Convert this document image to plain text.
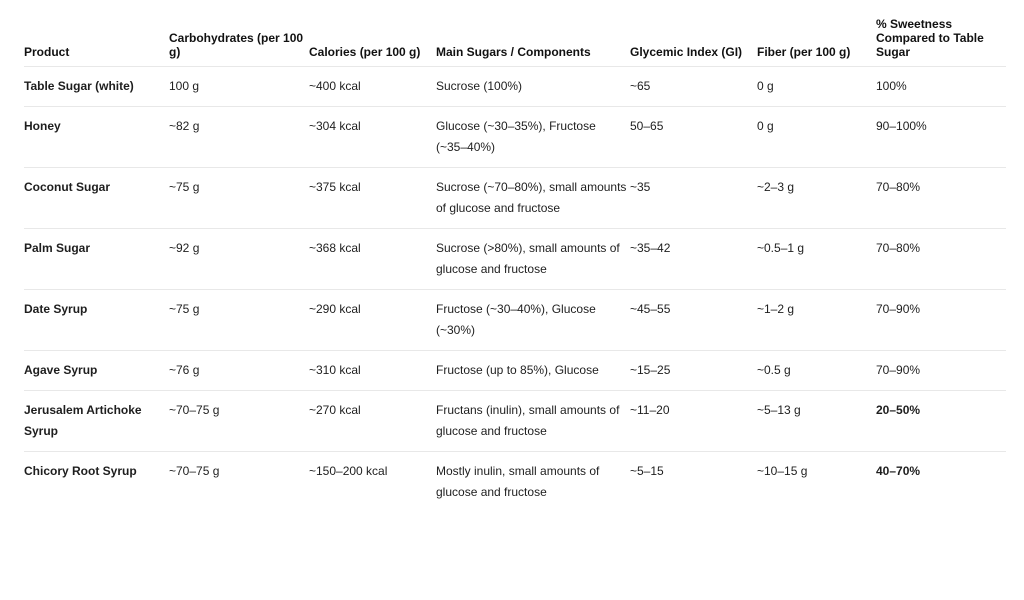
Product	Carbohydrates (per 100 g)	Calories (per 100 g)	Main Sugars / Components	Glycemic Index (GI)	Fiber (per 100 g)	% Sweetness Compared to Table Sugar
Table Sugar (white)	100 g	~400 kcal	Sucrose (100%)	~65	0 g	100%
Honey	~82 g	~304 kcal	Glucose (~30–35%), Fructose (~35–40%)	50–65	0 g	90–100%
Coconut Sugar	~75 g	~375 kcal	Sucrose (~70–80%), small amounts of glucose and fructose	~35	~2–3 g	70–80%
Palm Sugar	~92 g	~368 kcal	Sucrose (>80%), small amounts of glucose and fructose	~35–42	~0.5–1 g	70–80%
Date Syrup	~75 g	~290 kcal	Fructose (~30–40%), Glucose (~30%)	~45–55	~1–2 g	70–90%
Agave Syrup	~76 g	~310 kcal	Fructose (up to 85%), Glucose	~15–25	~0.5 g	70–90%
Jerusalem Artichoke Syrup	~70–75 g	~270 kcal	Fructans (inulin), small amounts of glucose and fructose	~11–20	~5–13 g	20–50%
Chicory Root Syrup	~70–75 g	~150–200 kcal	Mostly inulin, small amounts of glucose and fructose	~5–15	~10–15 g	40–70%
